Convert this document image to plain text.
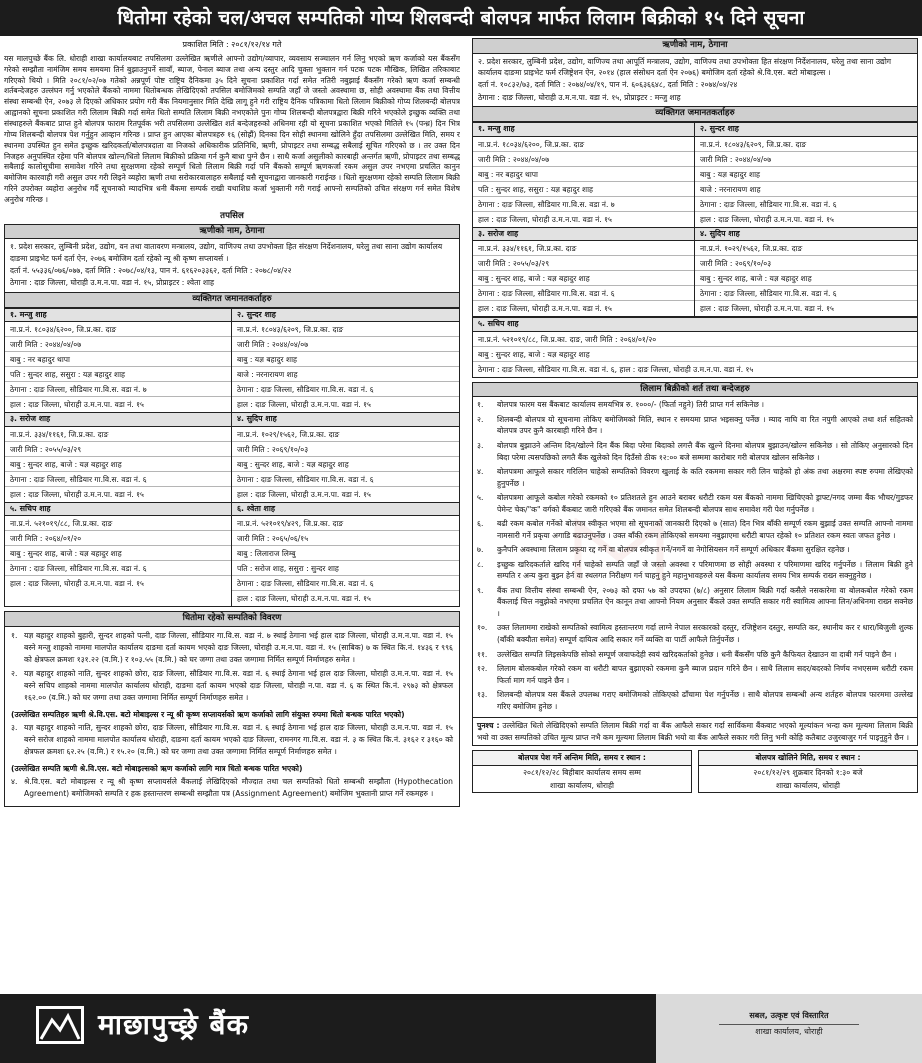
धितोमा रहेको चल/अचल सम्पतिको गोप्य शिलबन्दी बोलपत्र मार्फत लिलाम बिक्रीको १५ दिने सूचना
प्रकाशित मिति : २०८१/१२/१४ गते
यस मालपुच्छे बैंक लि. धोराही शाखा कार्यालयबाट तपसिलमा उल्लेखित ऋणीले आफ्नो उद्योग/व्यापार, व्यवसाय सञ्चालन गर्न लिनु भएको ऋण कर्जाको यस बैंकसँग गरेको सम्झौता नामंजिम समय समयमा तिर्न बुझाउनुपर्ने सावाँ, ब्याज, पेनाल ब्याज तथा अन्य दस्तुर आदि चुक्ता भुक्तान गर्न पटक पटक मौखिक, लिखित तरिकाबाट गरिएको थियो । मिति २०८१/०२/०७ गतेको अन्नपूर्ण पोष्ट राष्ट्रिय दैनिकमा ३५ दिने सूचना प्रकाशित गर्दा समेत नतिरी नबुझाई बैंकसँग गरेको ऋण कर्जा सम्बन्धी शर्तबन्देजहरु उल्लंघन गर्नु भएकोले बैंकको नाममा धितोबन्धक लेखिदिएको तपसिल बमोजिमको सम्पति जहाँ जे जस्तो अवस्थामा छ, सोही अवस्थामा बैंक तथा वित्तीय संस्था सम्बन्धी ऐन, २०७३ ले दिएको अधिकार प्रयोग गरी बैंक नियमानुसार मिति देखि लागू हुने गरी राष्ट्रिय दैनिक पत्रिकामा धितो लिलाम बिक्रीको गोप्य शिलबन्दी बोलपत्र आह्वानको सूचना प्रकाशित गरी लिलाम बिक्री गर्दा समेत धितो सम्पति लिलाम बिक्री नभएकोले पुनः गोप्य शिलबन्दी बोलपत्रद्वारा बिक्री गरिने भएकोले इच्छुक व्यक्ति तथा संस्थाहरुले बैंकबाट प्राप्त हुने बोलपत्र फाराम रितपूर्वक भरी तपसिलमा उल्लेखित शर्त बन्देजहरुको अधिनमा रही यो सूचना प्रकाशित भएको मितिले १५ (पन्ध्र) दिन भित्र गोप्य शिलबन्दी बोलपत्र पेश गर्नुहुन आव्हान गरिन्छ । प्राप्त हुन आएका बोलपत्रहरु १६ (सोह्रौं) दिनका दिन सोही स्थानमा खोलिने हुँदा तपसिलमा उल्लेखित मिति, समय र स्थानमा उपस्थित हुन समेत इच्छुक खरिदकर्ता/बोलपत्रदाता वा निजको अधिकारीक प्रतिनिधि, ऋणी, प्रोपाइटर तथा सम्बद्ध सबैलाई सूचित गरिएको छ । तर उक्त दिन निजहरु अनुपस्थित रहेमा पनि बोलपत्र खोल्न/धितो लिलाम बिक्रीको प्रक्रिया गर्न कुनै बाधा पुग्ने छैन । साथै कर्जा असुलीको कारबाही अन्तर्गत ऋणी, प्रोपाइटर तथा सम्बद्ध सबैलाई कालोसूचीमा समावेश गरिने तथा सुरक्षणमा रहेको सम्पूर्ण धितो लिलाम बिक्री गर्दा पनि बैंकको सम्पूर्ण ऋणकर्जा रकम असुल उपर नभएमा प्रचलित कानुन बमोजिम कारवाही गरी असुल उपर गरी लिइने व्यहोरा ऋणी तथा सरोकारवालाहरु सबैलाई यसै सूचनाद्वारा जानकारी गराईन्छ । धितो सुरक्षणमा रहेको सम्पति लिलाम बिक्री गरिने उपरोक्त व्यहोरा अनुरोध गर्दै सूचनाको म्यादभित्र धनी बैंकमा सम्पर्क राखी यथाशिघ्र कर्जा भुक्तानी गरी गराई आफ्नो सम्पतिको उचित संरक्षण गर्न समेत विशेष अनुरोध गरिन्छ ।
तपसिल
ऋणीको नाम, ठेगाना
१. प्रदेश सरकार, लुम्बिनी प्रदेश, उद्योग, वन तथा वातावरण मन्त्रालय, उद्योग, वाणिज्य तथा उपभोक्ता हित संरक्षण निर्देशनालय, घरेलु तथा साना उद्योग कार्यालय दाङमा प्राइभेट फर्म दर्ता ऐन, २०७६ बमोजिम दर्ता रहेको न्यू श्री कृष्ण सप्लायर्स ।
दर्ता नं. ५५३३६/०७६/०७७, दर्ता मिति : २०७८/०४/१३, पान नं. ६१६२०३३६२, दर्ता मिति : २०७८/०४/२२
ठेगाना : दाङ जिल्ला, घोराही उ.म.न.पा. वडा नं. १५, प्रोप्राइटर : श्वेता शाह
व्यक्तिगत जमानतकर्ताहरु
१. मन्जु शाह
ना.प्र.नं. १८०३४/६२००, जि.प्र.का. दाङ
जारी मिति : २०४४/०४/०७
बाबु : नर बहादुर थापा
पति : सुन्दर शाह, ससुरा : यज्ञ बहादुर शाह
ठेगाना : दाङ जिल्ला, सौडियार गा.वि.स. वडा नं. ७
हाल : दाङ जिल्ला, घोराही उ.म.न.पा. वडा नं. १५
२. सुन्दर शाह
ना.प्र.नं. १८०४३/६२०९, जि.प्र.का. दाङ
जारी मिति : २०४४/०४/०७
बाबु : यज्ञ बहादुर शाह
बाजे : नरनारायण शाह
ठेगाना : दाङ जिल्ला, सौडियार गा.वि.स. वडा नं. ६
हाल : दाङ जिल्ला, घोराही उ.म.न.पा. वडा नं. १५
३. सरोज शाह
ना.प्र.नं. ३३४/११६१, जि.प्र.का. दाङ
जारी मिति : २०५५/०३/२९
बाबु : सुन्दर शाह, बाजे : यज्ञ बहादुर शाह
ठेगाना : दाङ जिल्ला, सौडियार गा.वि.स. वडा नं. ६
हाल : दाङ जिल्ला, घोराही उ.म.न.पा. वडा नं. १५
४. सुदिप शाह
ना.प्र.नं. १०२९/१५६२, जि.प्र.का. दाङ
जारी मिति : २०६९/१०/०३
बाबु : सुन्दर शाह, बाजे : यज्ञ बहादुर शाह
ठेगाना : दाङ जिल्ला, सौडियार गा.वि.स. वडा नं. ६
हाल : दाङ जिल्ला, घोराही उ.म.न.पा. वडा नं. १५
५. सचिप शाह
ना.प्र.नं. ५२१०१९/८८, जि.प्र.का. दाङ
जारी मिति : २०६४/०१/२०
बाबु : सुन्दर शाह, बाजे : यज्ञ बहादुर शाह
ठेगाना : दाङ जिल्ला, सौडियार गा.वि.स. वडा नं. ६
हाल : दाङ जिल्ला, घोराही उ.म.न.पा. वडा नं. १५
६. श्वेता शाह
ना.प्र.नं. ५२१०१९/४२९, जि.प्र.का. दाङ
जारी मिति : २०६५/०६/१५
बाबु : लिलाराज लिम्बु
पति : सरोज शाह, ससुरा : सुन्दर शाह
ठेगाना : दाङ जिल्ला, सौडियार गा.वि.स. वडा नं. ६
हाल : दाङ जिल्ला, घोराही उ.म.न.पा. वडा नं. १५
धितोमा रहेको सम्पतिको विवरण
१. यज्ञ बहादुर शाहको बुहारी, सुन्दर शाहको पत्नी, दाङ जिल्ला, सौडियार गा.वि.स. वडा नं. ७ स्थाई ठेगाना भई हाल दाङ जिल्ला, घोराही उ.म.न.पा. वडा नं. १५ बस्ने मन्जु शाहको नाममा मालपोत कार्यालय दाङमा दर्ता कायम भएको दाङ जिल्ला, घोराही उ.म.न.पा. वडा नं. १५ (साबिक) ७ क स्थित कि.नं. १४३६ र ९९६ को क्षेत्रफल क्रमशः १३१.२२ (व.मि.) र १०३.५५ (व.मि.) को घर जग्गा तथा उक्त जग्गामा निर्मित सम्पूर्ण निर्माणहरु समेत ।
२. यज्ञ बहादुर शाहको नाति, सुन्दर शाहको छोरा, दाङ जिल्ला, सौडियार गा.वि.स. वडा नं. ६ स्थाई ठेगाना भई हाल दाङ जिल्ला, घोराही उ.म.न.पा. वडा नं. १५ बस्ने सचिप शाहको नाममा मालपोत कार्यालय धोराही, दाङमा दर्ता कायम भएको दाङ जिल्ला, घोराही न.पा. वडा नं. ६ क स्थित कि.नं. २९७३ को क्षेत्रफल १६२.०० (व.मि.) को घर जग्गा तथा उक्त जग्गामा निर्मित सम्पूर्ण निर्माणहरु समेत ।
(उल्लेखित सम्पतिहरु ऋणी श्रे.वि.एस. बटो मोबाइल्स र न्यू श्री कृष्ण सप्लायर्सको ऋण कर्जाको लागि संयुक्त रुपमा धितो बन्धक पारित भएको)
३. यज्ञ बहादुर शाहको नाति, सुन्दर शाहको छोरा, दाङ जिल्ला, सौडियार गा.वि.स. वडा नं. ६ स्थाई ठेगाना भई हाल दाङ जिल्ला, घोराही उ.म.न.पा. वडा नं. १५ बस्ने सरोज शाहको नाममा मालपोत कार्यालय धोराही, दाङमा दर्ता कायम भएको दाङ जिल्ला, रामनगर गा.वि.स. वडा नं. ३ क स्थित कि.नं. ३१६२ र ३१६० को क्षेत्रफल क्रमशः ६२.२५ (व.मि.) र १५.२० (व.मि.) को घर जग्गा तथा उक्त जग्गामा निर्मित सम्पूर्ण निर्माणहरु समेत ।
(उल्लेखित सम्पति ऋणी श्रे.वि.एस. बटो मोबाइल्सको ऋण कर्जाको लागि मात्र धितो बन्धक पारित भएको)
४. श्रे.वि.एस. बटो मोबाइल्स र न्यू श्री कृष्ण सप्लायर्सले बैंकलाई लेखिदिएको मौज्दात तथा चल सम्पतिको धितो सम्बन्धी सम्झौता (Hypothecation Agreement) बमोजिमको सम्पति र हक हस्तान्तरण सम्बन्धी सम्झौता पत्र (Assignment Agreement) बमोजिम भुक्तानी प्राप्त गर्ने रकमहरु ।
ऋणीको नाम, ठेगाना
२. प्रदेश सरकार, लुम्बिनी प्रदेश, उद्योग, वाणिज्य तथा आपूर्ति मन्त्रालय, उद्योग, वाणिज्य तथा उपभोक्ता हित संरक्षण निर्देशनालय, घरेलु तथा साना उद्योग कार्यालय दाङमा प्राइभेट फर्म रजिष्ट्रेशन ऐन, २०१४ (हाल संसोधन दर्ता ऐन २०७६) बमोजिम दर्ता रहेको श्रे.वि.एस. बटो मोबाइल्स ।
दर्ता नं. १०८३२/७३, दर्ता मिति : २०७४/०४/१९, पान नं. ६०६३६६४८, दर्ता मिति : २०७४/०४/२४
ठेगाना : दाङ जिल्ला, घोराही उ.म.न.पा. वडा नं. १५, प्रोप्राइटर : मन्जु शाह
व्यक्तिगत जमानतकर्ताहरु
१. मन्जु शाह
ना.प्र.नं. १८०३४/६२००, जि.प्र.का. दाङ
जारी मिति : २०४४/०४/०७
बाबु : नर बहादुर थापा
पति : सुन्दर शाह, ससुरा : यज्ञ बहादुर शाह
ठेगाना : दाङ जिल्ला, सौडियार गा.वि.स. वडा नं. ७
हाल : दाङ जिल्ला, घोराही उ.म.न.पा. वडा नं. १५
२. सुन्दर शाह
ना.प्र.नं. १८०४३/६२०९, जि.प्र.का. दाङ
जारी मिति : २०४४/०४/०७
बाबु : यज्ञ बहादुर शाह
बाजे : नरनारायण शाह
ठेगाना : दाङ जिल्ला, सौडियार गा.वि.स. वडा नं. ६
हाल : दाङ जिल्ला, घोराही उ.म.न.पा. वडा नं. १५
३. सरोज शाह
ना.प्र.नं. ३३४/११६१, जि.प्र.का. दाङ
जारी मिति : २०५५/०३/२९
बाबु : सुन्दर शाह, बाजे : यज्ञ बहादुर शाह
ठेगाना : दाङ जिल्ला, सौडियार गा.वि.स. वडा नं. ६
हाल : दाङ जिल्ला, घोराही उ.म.न.पा. वडा नं. १५
४. सुदिप शाह
ना.प्र.नं. १०२९/१५६२, जि.प्र.का. दाङ
जारी मिति : २०६९/१०/०३
बाबु : सुन्दर शाह, बाजे : यज्ञ बहादुर शाह
ठेगाना : दाङ जिल्ला, सौडियार गा.वि.स. वडा नं. ६
हाल : दाङ जिल्ला, घोराही उ.म.न.पा. वडा नं. १५
५. सचिप शाह
ना.प्र.नं. ५२१०१९/८८, जि.प्र.का. दाङ, जारी मिति : २०६४/०१/२०
बाबु : सुन्दर शाह, बाजे : यज्ञ बहादुर शाह
ठेगाना : दाङ जिल्ला, सौडियार गा.वि.स. वडा नं. ६, हाल : दाङ जिल्ला, घोराही उ.म.न.पा. वडा नं. १५
लिलाम बिक्रीको शर्त तथा बन्देजहरु
१.	बोलपत्र फारम यस बैंकबाट कार्यालय समयभित्र रु. १०००/- (फिर्ता नहुने) तिरी प्राप्त गर्न सकिनेछ ।
२.	शिलबन्दी बोलपत्र यो सूचनामा तोकिए बमोजिमको मिति, स्थान र समयमा प्राप्त भइसक्नु पर्नेछ । म्याद नाघि वा रित नपुगी आएको तथा शर्त सहितको बोलपत्र उपर कुनै कारबाही गरिने छैन ।
३.	बोलपत्र बुझाउने अन्तिम दिन/खोल्ने दिन बैंक बिदा परेमा बिदाको लगत्तै बैंक खुल्ने दिनमा बोलपत्र बुझाउन/खोल्न सकिनेछ । सो तोकिए अनुसारको दिन बिदा परेमा त्यसपछिको लगतै बैंक खुलेको दिन दिउँसो ठीक १२:०० बजे सम्ममा कारोबार गरी बोलपत्र खोलन सकिनेछ ।
४.	बोलपत्रमा आफूले सकार गरिलिन चाहेको सम्पतिको विवरण खुलाई के कति रकममा सकार गरी लिन चाहेको हो अंक तथा अक्षरमा स्पष्ट रुपमा लेखिएको हुनुपर्नेछ ।
५.	बोलपत्रमा आफूले कबोल गरेको रकमको १० प्रतिशतले हुन आउने बराबर धरौटी रकम यस बैंकको नाममा खिचिएको ड्राफ्ट/नगद जम्मा बैंक भौचर/गुडफर पेमेन्ट चेक/"क" वर्गको बैंकबाट जारी गरिएको बैंक जमानत समेत शिलबन्दी बोलपत्र साथ समावेश गरी पेश गर्नुपर्नेछ ।
६.	बढी रकम कबोल गर्नेको बोलपत्र स्वीकृत भएमा सो सूचनाको जानकारी दिएको ७ (सात) दिन भित्र बाँकी सम्पूर्ण रकम बुझाई उक्त सम्पति आफ्नो नाममा नामसारी गर्ने प्रकृया अगाडि बढाउनुपर्नेछ । उक्त बाँकी रकम तोकिएको समयमा नबुझाएमा धरौटी बापत रहेको १० प्रतिशत रकम स्वतः जफत हुनेछ ।
७.	कुनैपनि अवस्थामा लिलाम प्रकृया रद्द गर्ने वा बोलपत्र स्वीकृत गर्ने/नगर्ने वा नेगोसियसन गर्ने सम्पूर्ण अधिकार बैंकमा सुरक्षित रहनेछ ।
८.	इच्छुक खरिदकर्ताले खरिद गर्न चाहेको सम्पति जहाँ जे जस्तो अवस्था र परिमाणमा छ सोही अवस्था र परिमाणमा खरिद गर्नुपर्नेछ । लिलाम बिक्री हुने सम्पति र अन्य कुरा बुझ्न हेर्न वा स्थलगत निरीक्षण गर्न चाहनु हुने महानुभावहरुले यस बैंकमा कार्यालय समय भित्र सम्पर्क राख्न सक्नुहुनेछ ।
९.	बैंक तथा वित्तीय संस्था सम्बन्धी ऐन, २०७३ को दफा ५७ को उपदफा (७/८) अनुसार लिलाम बिक्री गर्दा कसैले नसकारेमा वा बोलकबोल गरेको रकम बैंकलाई चित्त नबुझेको नभएमा प्रचलित ऐन कानून तथा आफ्नो नियम अनुसार बैंकले उक्त सम्पति सकार गरी स्वामित्व आफ्ना लिन/अधिनमा राख्न सक्नेछ ।
१०.	उक्त लिलाममा राखेको सम्पतिको स्वामित्व हस्तान्तरण गर्दा लाग्ने नेपाल सरकारको दस्तुर, रजिष्ट्रेशन दस्तुर, सम्पति कर, स्थानीय कर र धारा/बिजुली शुल्क (बाँकी बक्यौता समेत) सम्पूर्ण दायित्व आदि सकार गर्ने व्यक्ति वा पार्टी आफैले तिर्नुपर्नेछ ।
११.	उल्लेखित सम्पति लिइसकेपछि सोको सम्पूर्ण जवाफदेही स्वयं खरिदकर्ताको हुनेछ । धनी बैंकसँग पछि कुनै कैफियत देखाउन वा दाबी गर्न पाइने छैन ।
१२.	लिलाम बोलकबोल गरेको रकम वा धरौटी बापत बुझाएको रकममा कुनै ब्याज प्रदान गरिने छैन । साथै लिलाम सदर/बदरको निर्णय नभएसम्म धरौटी रकम फिर्ता माग गर्न पाइने छैन ।
१३.	शिलबन्दी बोलपत्र यस बैंकले उपलब्ध गराए बमोजिमको तोकिएको ढाँचामा पेश गर्नुपर्नेछ । साथै बोलपत्र सम्बन्धी अन्य शर्तहरु बोलपत्र फारममा उल्लेख गरिए बमोजिम हुनेछ ।
पुनश्च : उल्लेखित धितो लेखिदिएको सम्पति लिलाम बिक्री गर्दा वा बैंक आफैले सकार गर्दा सार्विकमा बैंकबाट भएको मूल्यांकन भन्दा कम मूल्यमा लिलाम बिक्री भयो वा उक्त सम्पतिको उचित मूल्य प्राप्त नभै कम मूल्यमा लिलाम बिक्री भयो वा बैंक आफैले सकार गरी लिनु भनी कोहि कतैबाट उजुरबाजुर गर्न पाइनुहुने छैन ।
बोलपत्र पेश गर्ने अन्तिम मिति, समय र स्थान :
२०८१/१२/२८ बिहीबार कार्यालय समय सम्म
शाखा कार्यालय, धोराही
बोलपत्र खोलिने मिति, समय र स्थान :
२०८१/१२/२९ शुक्रबार दिनको १:३० बजे
शाखा कार्यालय, धोराही
माछापुच्छ्रे बैंक	सबल, उत्कृष्ट एवं विस्तारित
शाखा कार्यालय, धोराही
